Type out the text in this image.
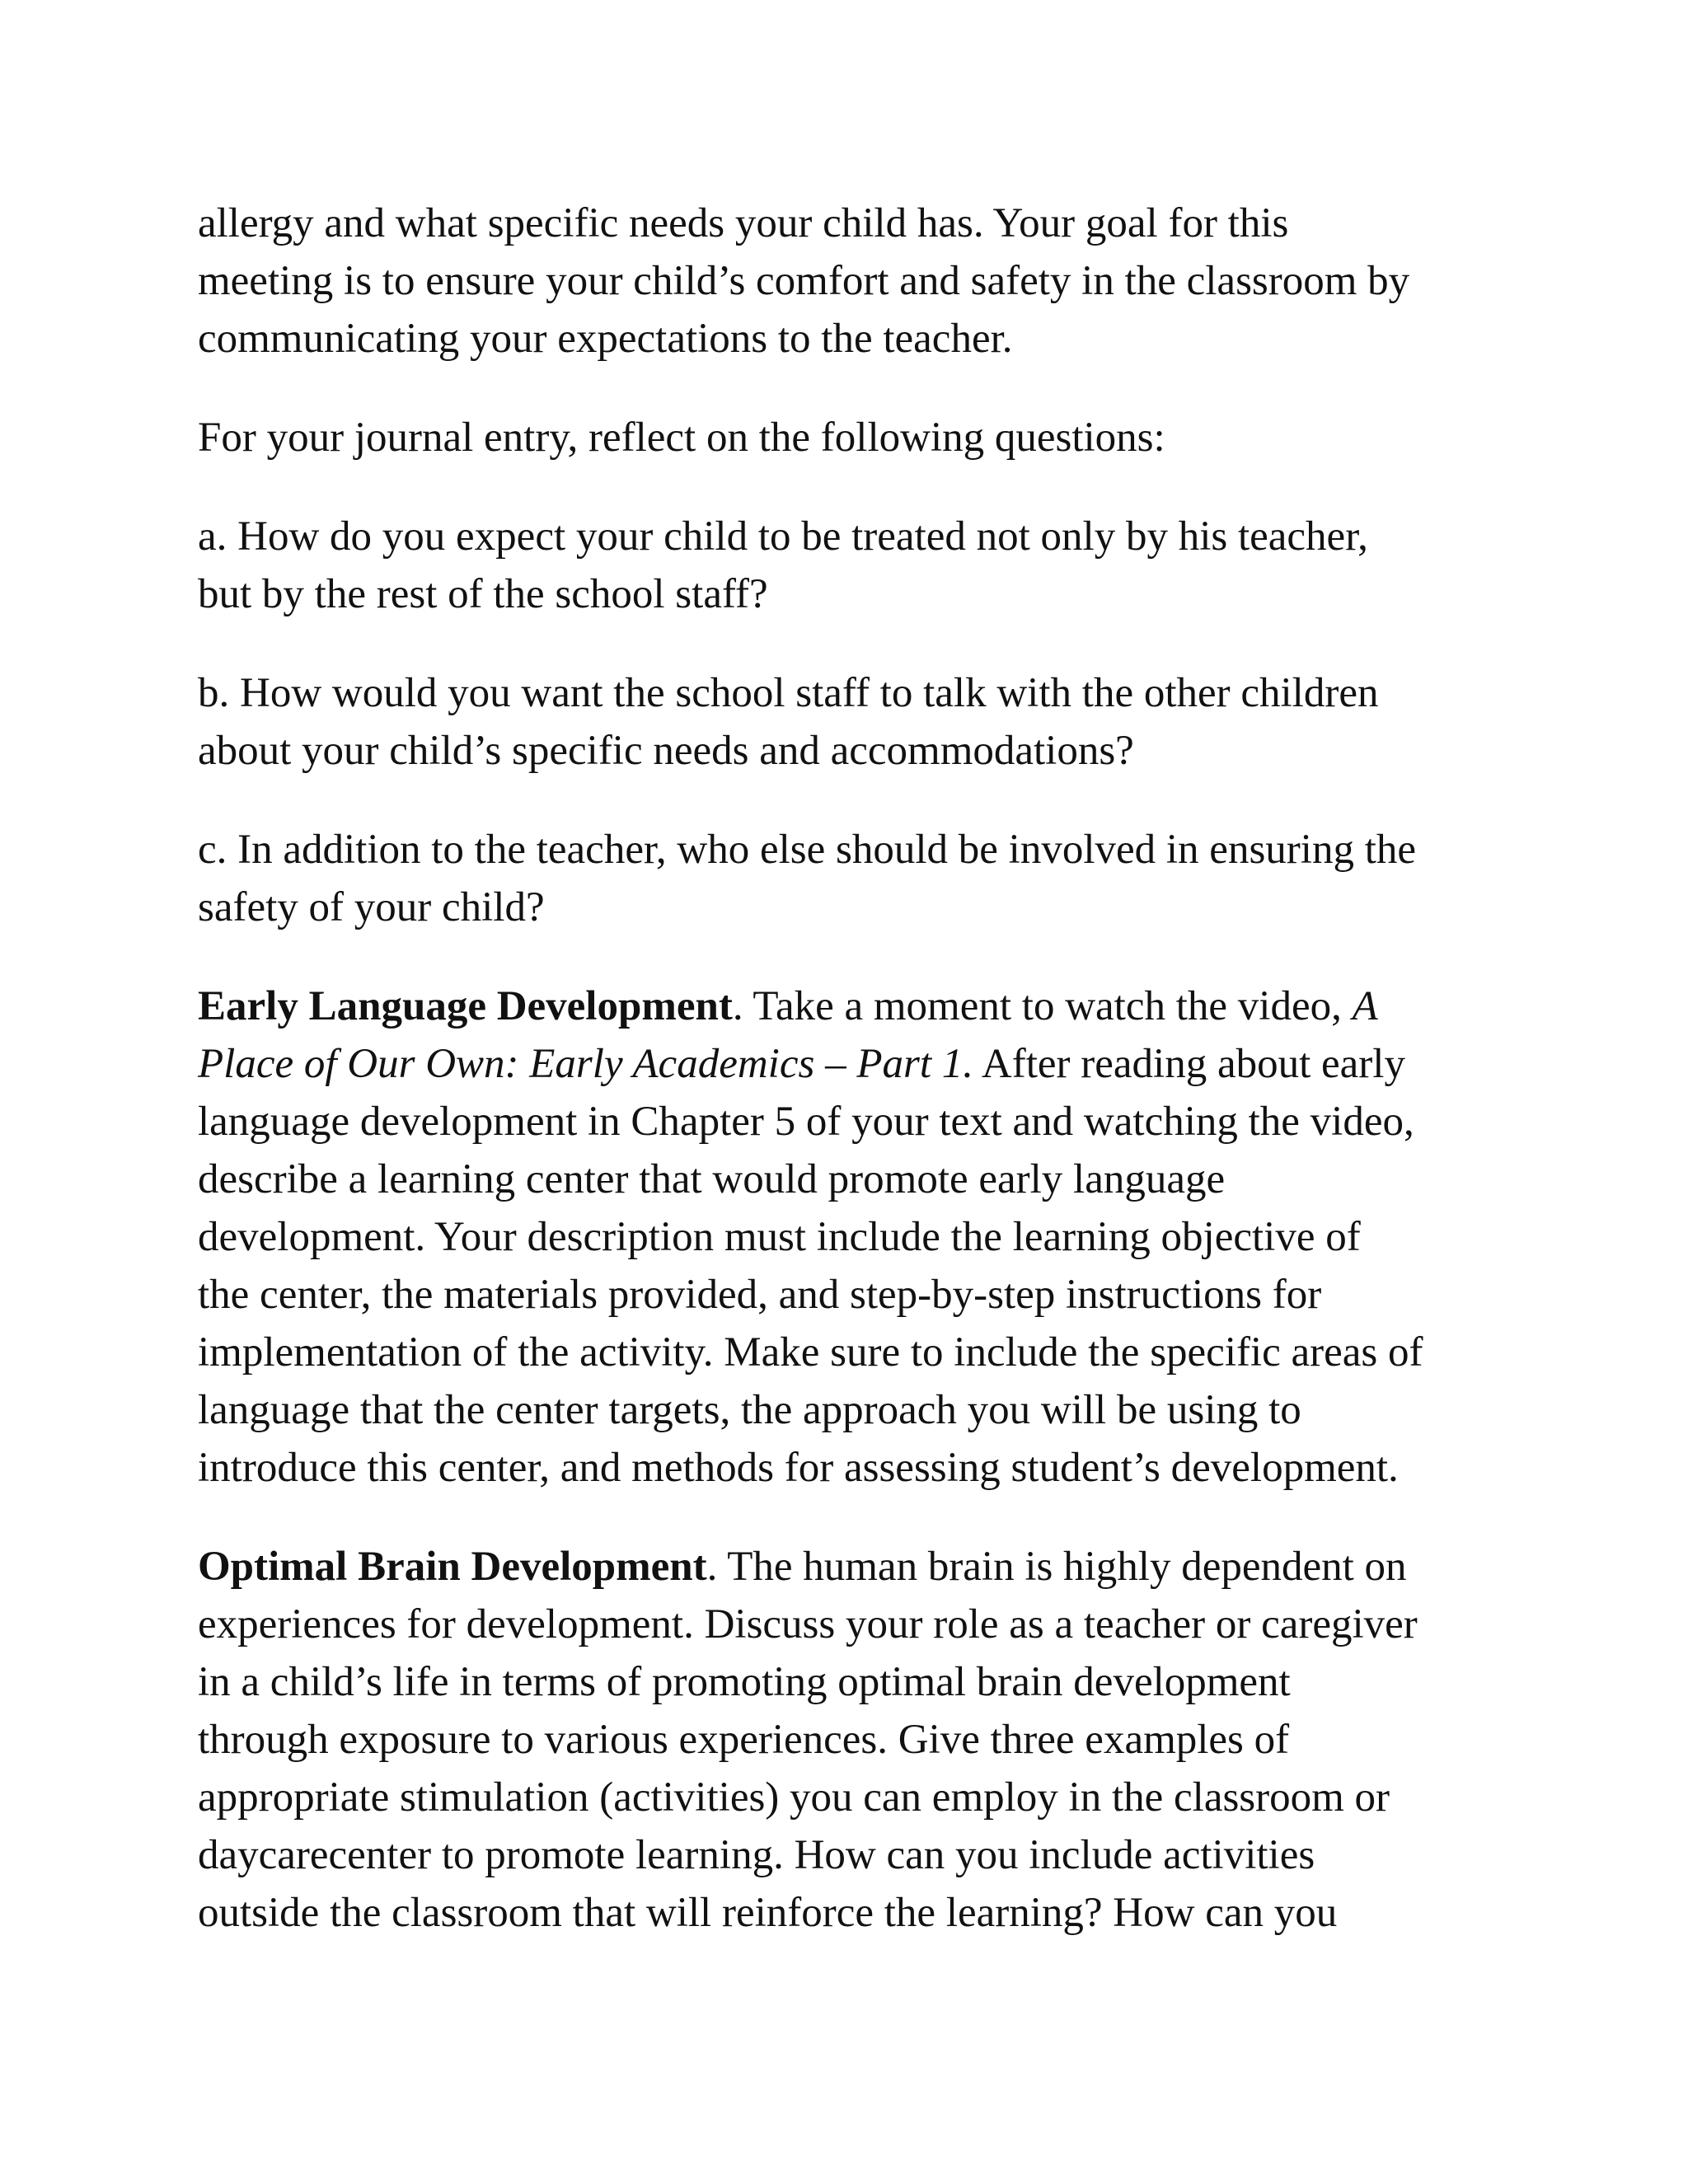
allergy and what specific needs your child has. Your goal for this
meeting is to ensure your child’s comfort and safety in the classroom by
communicating your expectations to the teacher.

For your journal entry, reflect on the following questions:

a. How do you expect your child to be treated not only by his teacher,
but by the rest of the school staff?

b. How would you want the school staff to talk with the other children
about your child’s specific needs and accommodations?

c. In addition to the teacher, who else should be involved in ensuring the
safety of your child?

Early Language Development. Take a moment to watch the video, A
Place of Our Own: Early Academics – Part 1. After reading about early
language development in Chapter 5 of your text and watching the video,
describe a learning center that would promote early language
development. Your description must include the learning objective of
the center, the materials provided, and step-by-step instructions for
implementation of the activity. Make sure to include the specific areas of
language that the center targets, the approach you will be using to
introduce this center, and methods for assessing student’s development.

Optimal Brain Development. The human brain is highly dependent on
experiences for development. Discuss your role as a teacher or caregiver
in a child’s life in terms of promoting optimal brain development
through exposure to various experiences. Give three examples of
appropriate stimulation (activities) you can employ in the classroom or
daycarecenter to promote learning. How can you include activities
outside the classroom that will reinforce the learning? How can you
